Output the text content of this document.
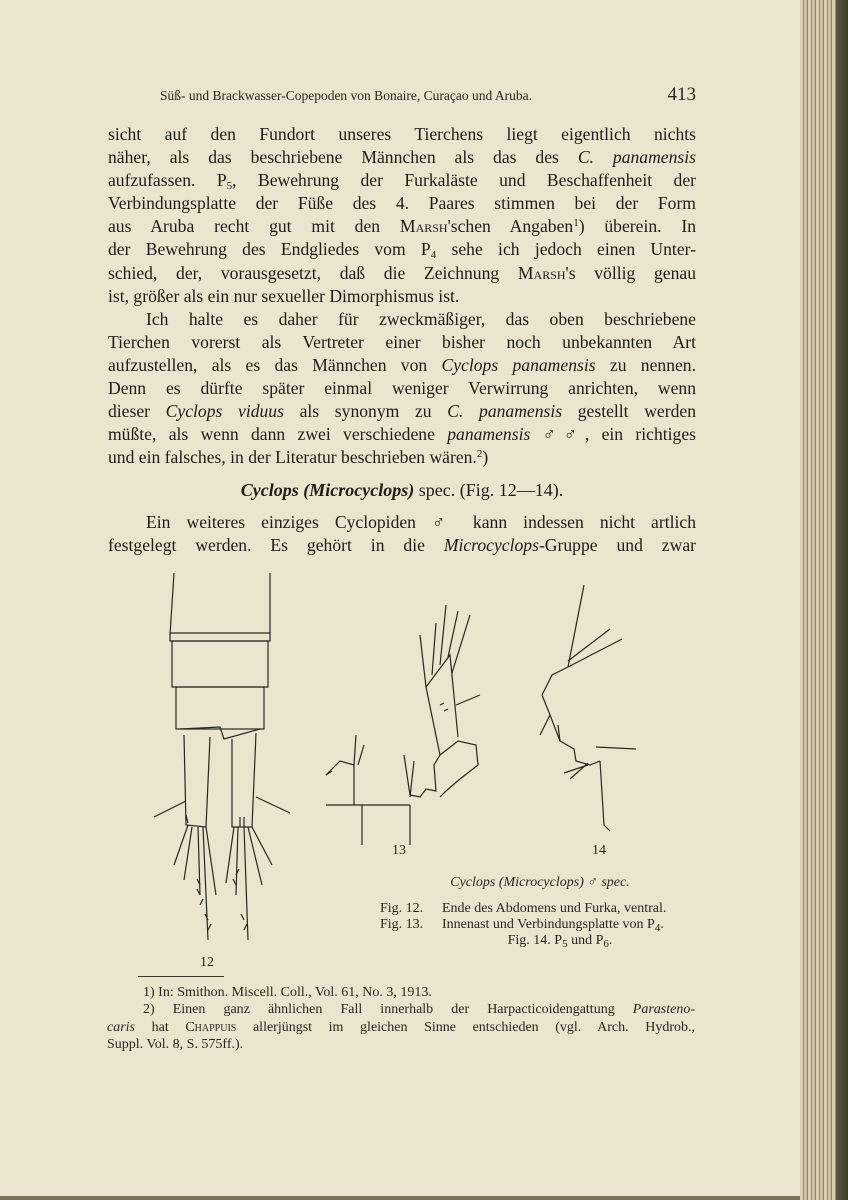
Süß- und Brackwasser-Copepoden von Bonaire, Curaçao und Aruba.	413

sicht auf den Fundort unseres Tierchens liegt eigentlich nichts
näher, als das beschriebene Männchen als das des C. panamensis
aufzufassen. $P_5$, Bewehrung der Furkaläste und Beschaffenheit der
Verbindungsplatte der Füße des 4. Paares stimmen bei der Form
aus Aruba recht gut mit den Marsh'schen Angaben$^1$) überein. In
der Bewehrung des Endgliedes vom $P_4$ sehe ich jedoch einen Unter-
schied, der, vorausgesetzt, daß die Zeichnung Marsh's völlig genau
ist, größer als ein nur sexueller Dimorphismus ist.

Ich halte es daher für zweckmäßiger, das oben beschriebene
Tierchen vorerst als Vertreter einer bisher noch unbekannten Art
aufzustellen, als es das Männchen von Cyclops panamensis zu nennen.
Denn es dürfte später einmal weniger Verwirrung anrichten, wenn
dieser Cyclops viduus als synonym zu C. panamensis gestellt werden
müßte, als wenn dann zwei verschiedene panamensis ♂♂, ein richtiges
und ein falsches, in der Literatur beschrieben wären.$^2$)

Cyclops (Microcyclops) spec. (Fig. 12—14).

Ein weiteres einziges Cyclopiden ♂ kann indessen nicht artlich
festgelegt werden. Es gehört in die Microcyclops-Gruppe und zwar

12
13	14
Cyclops (Microcyclops) ♂ spec.
Fig. 12. Ende des Abdomens und Furka, ventral.
Fig. 13. Innenast und Verbindungsplatte von $P_4$.
Fig. 14. $P_5$ und $P_6$.
1) In: Smithon. Miscell. Coll., Vol. 61, No. 3, 1913.
2) Einen ganz ähnlichen Fall innerhalb der Harpacticoidengattung Parasteno-
caris hat Chappuis allerjüngst im gleichen Sinne entschieden (vgl. Arch. Hydrob.,
Suppl. Vol. 8, S. 575ff.).
